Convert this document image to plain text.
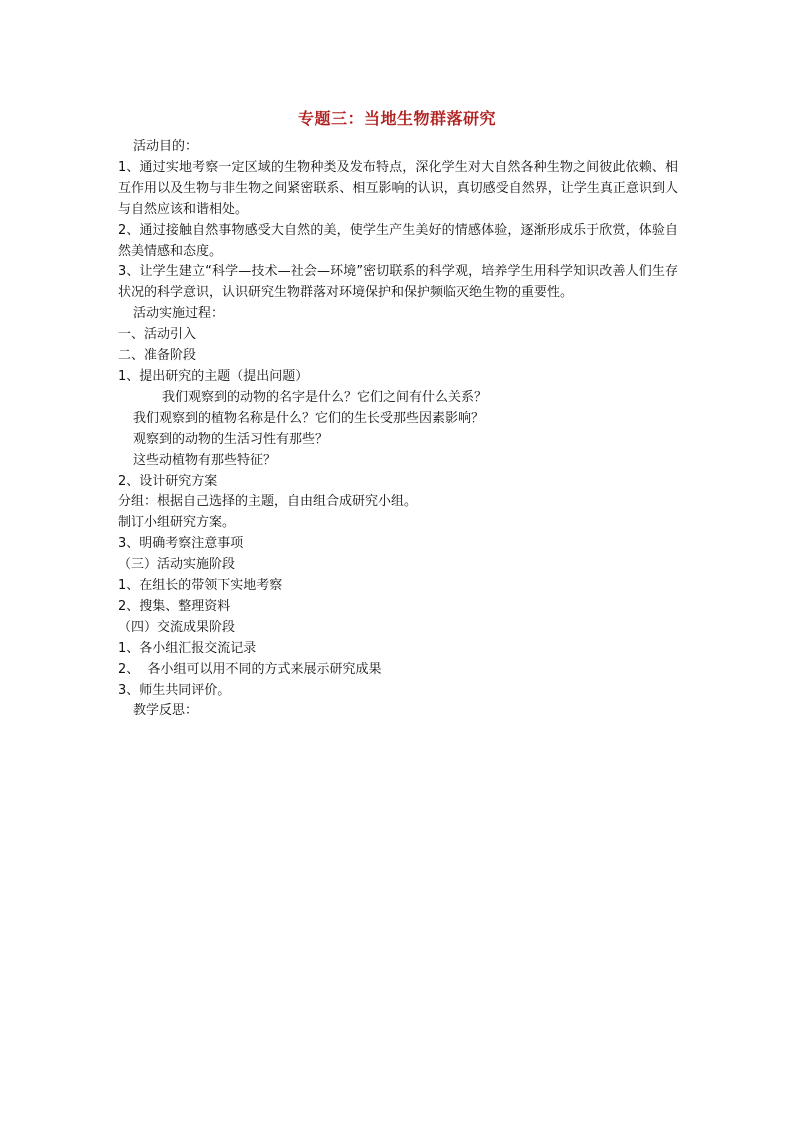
专题三：当地生物群落研究
活动目的：
1、通过实地考察一定区域的生物种类及发布特点，深化学生对大自然各种生物之间彼此依赖、相互作用以及生物与非生物之间紧密联系、相互影响的认识，真切感受自然界，让学生真正意识到人与自然应该和谐相处。
2、通过接触自然事物感受大自然的美，使学生产生美好的情感体验，逐渐形成乐于欣赏，体验自然美情感和态度。
3、让学生建立“科学—技术—社会—环境”密切联系的科学观，培养学生用科学知识改善人们生存状况的科学意识，认识研究生物群落对环境保护和保护频临灭绝生物的重要性。
活动实施过程：
一、活动引入
二、准备阶段
1、提出研究的主题（提出问题）
我们观察到的动物的名字是什么？它们之间有什么关系？
我们观察到的植物名称是什么？它们的生长受那些因素影响？
观察到的动物的生活习性有那些？
这些动植物有那些特征？
2、设计研究方案
分组：根据自己选择的主题，自由组合成研究小组。
制订小组研究方案。
3、明确考察注意事项
（三）活动实施阶段
1、在组长的带领下实地考察
2、搜集、整理资料
（四）交流成果阶段
1、各小组汇报交流记录
2、  各小组可以用不同的方式来展示研究成果
3、师生共同评价。
教学反思：
